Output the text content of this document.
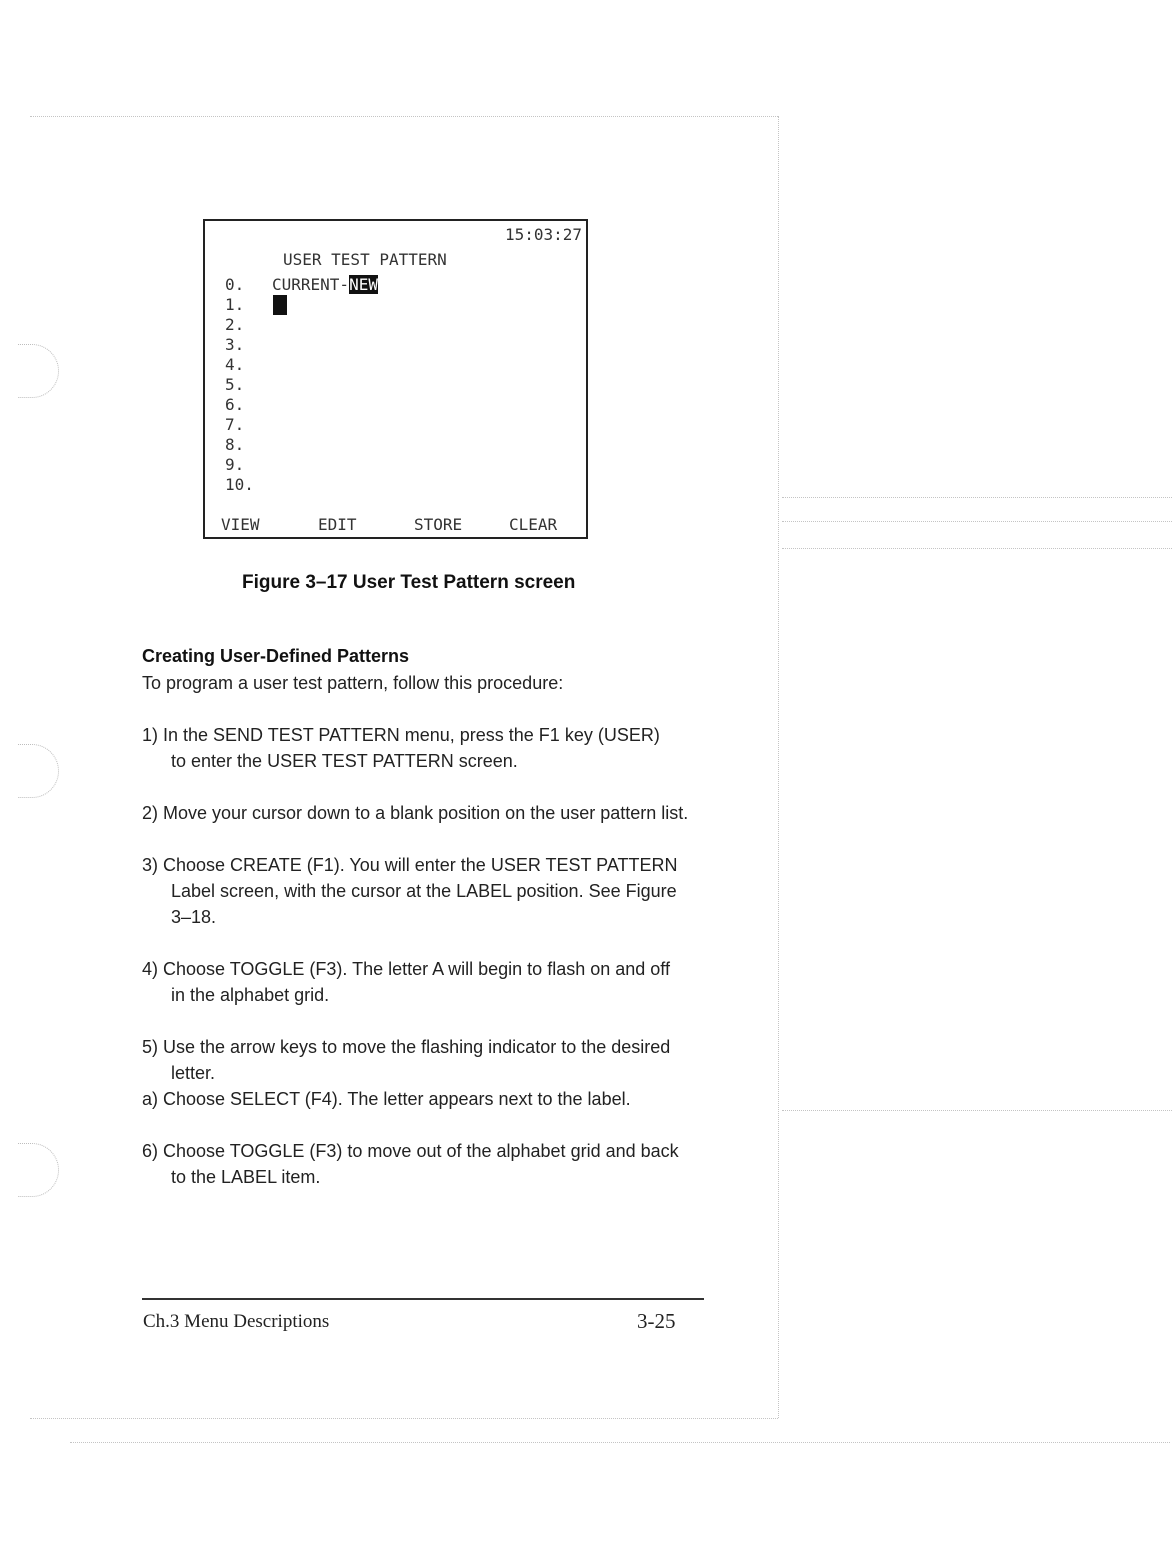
15:03:27
USER TEST PATTERN
0. CURRENT-NEW
1.
2.
3.
4.
5.
6.
7.
8.
9.
10.
VIEW	EDIT	STORE	CLEAR
Figure 3–17 User Test Pattern screen
Creating User-Defined Patterns
To program a user test pattern, follow this procedure:
1) In the SEND TEST PATTERN menu, press the F1 key (USER)
to enter the USER TEST PATTERN screen.
2) Move your cursor down to a blank position on the user pattern list.
3) Choose CREATE (F1). You will enter the USER TEST PATTERN
Label screen, with the cursor at the LABEL position. See Figure
3–18.
4) Choose TOGGLE (F3). The letter A will begin to flash on and off
in the alphabet grid.
5) Use the arrow keys to move the flashing indicator to the desired
letter.
a) Choose SELECT (F4). The letter appears next to the label.
6) Choose TOGGLE (F3) to move out of the alphabet grid and back
to the LABEL item.
Ch.3 Menu Descriptions	3-25
